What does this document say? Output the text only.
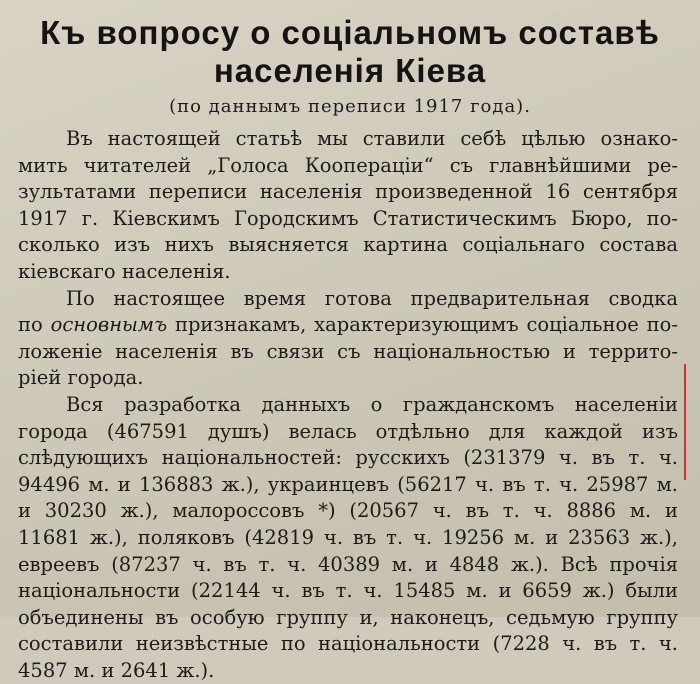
Къ вопросу о соціальномъ составѣ
населенія Кіева
(по даннымъ переписи 1917 года).
Въ настоящей статьѣ мы ставили себѣ цѣлью ознако-
мить читателей „Голоса Коопераціи“ съ главнѣйшими ре-
зультатами переписи населенія произведенной 16 сентября
1917 г. Кіевскимъ Городскимъ Статистическимъ Бюро, по-
сколько изъ нихъ выясняется картина соціальнаго состава
кіевскаго населенія.
По настоящее время готова предварительная сводка
по основнымъ признакамъ, характеризующимъ соціальное по-
ложеніе населенія въ связи съ національностью и террито-
ріей города.
Вся разработка данныхъ о гражданскомъ населеніи
города (467591 душъ) велась отдѣльно для каждой изъ
слѣдующихъ національностей: русскихъ (231379 ч. въ т. ч.
94496 м. и 136883 ж.), украинцевъ (56217 ч. въ т. ч. 25987 м.
и 30230 ж.), малороссовъ *) (20567 ч. въ т. ч. 8886 м. и
11681 ж.), поляковъ (42819 ч. въ т. ч. 19256 м. и 23563 ж.),
евреевъ (87237 ч. въ т. ч. 40389 м. и 4848 ж.). Всѣ прочія
національности (22144 ч. въ т. ч. 15485 м. и 6659 ж.) были
объединены въ особую группу и, наконецъ, седьмую группу
составили неизвѣстные по національности (7228 ч. въ т. ч.
4587 м. и 2641 ж.).
